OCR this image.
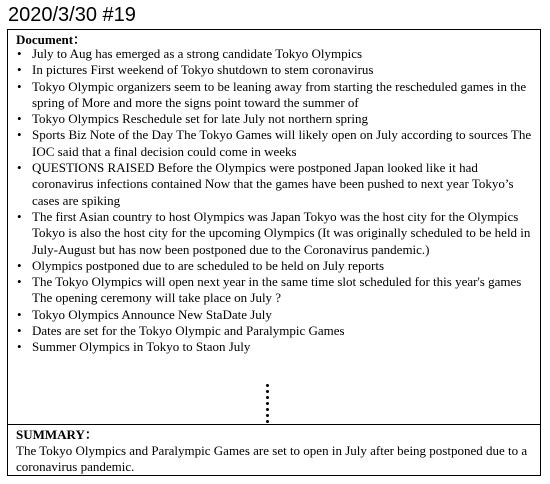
2020/3/30 #19
Document：
• July to Aug has emerged as a strong candidate Tokyo Olympics
• In pictures First weekend of Tokyo shutdown to stem coronavirus
• Tokyo Olympic organizers seem to be leaning away from starting the rescheduled games in the spring of More and more the signs point toward the summer of
• Tokyo Olympics Reschedule set for late July not northern spring
• Sports Biz Note of the Day The Tokyo Games will likely open on July according to sources The IOC said that a final decision could come in weeks
• QUESTIONS RAISED Before the Olympics were postponed Japan looked like it had coronavirus infections contained Now that the games have been pushed to next year Tokyo’s cases are spiking
• The first Asian country to host Olympics was Japan Tokyo was the host city for the Olympics Tokyo is also the host city for the upcoming Olympics (It was originally scheduled to be held in July-August but has now been postponed due to the Coronavirus pandemic.)
• Olympics postponed due to are scheduled to be held on July reports
• The Tokyo Olympics will open next year in the same time slot scheduled for this year's games The opening ceremony will take place on July ?
• Tokyo Olympics Announce New StaDate July
• Dates are set for the Tokyo Olympic and Paralympic Games
• Summer Olympics in Tokyo to Staon July
SUMMARY：
The Tokyo Olympics and Paralympic Games are set to open in July after being postponed due to a coronavirus pandemic.
